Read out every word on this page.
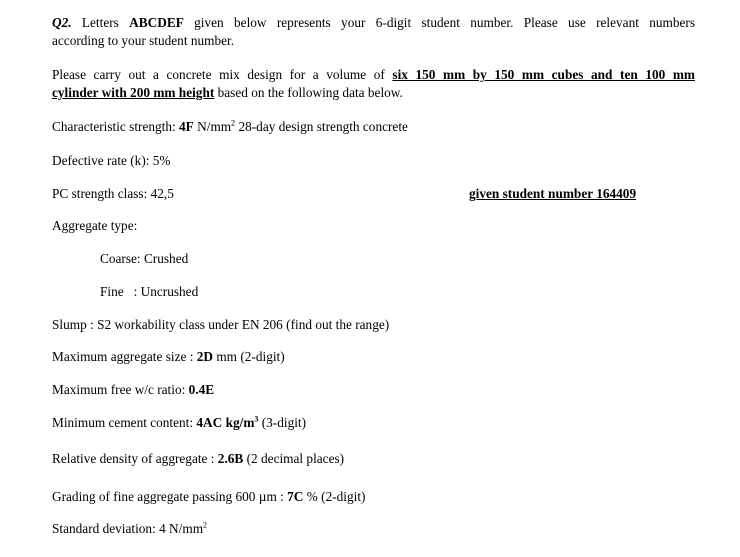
Q2. Letters ABCDEF given below represents your 6-digit student number. Please use relevant numbers
according to your student number.
Please carry out a concrete mix design for a volume of six 150 mm by 150 mm cubes and ten 100 mm
cylinder with 200 mm height based on the following data below.
Characteristic strength: 4F $N/mm^2$ 28-day design strength concrete
Defective rate (k): 5%
PC strength class: 42,5	given student number 164409
Aggregate type:
Coarse: Crushed
Fine   : Uncrushed
Slump : S2 workability class under EN 206 (find out the range)
Maximum aggregate size : 2D mm (2-digit)
Maximum free w/c ratio: 0.4E
Minimum cement content: 4AC $kg/m^3$ (3-digit)
Relative density of aggregate : 2.6B (2 decimal places)
Grading of fine aggregate passing 600 µm : 7C % (2-digit)
Standard deviation: 4 $N/mm^2$
